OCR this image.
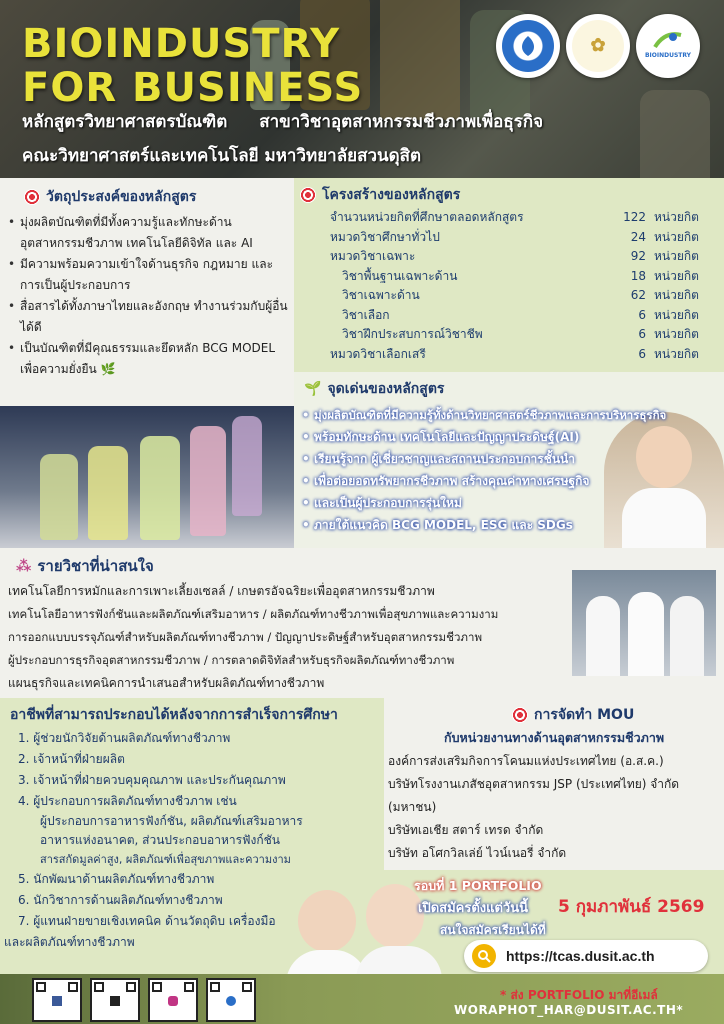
BIOINDUSTRY
FOR BUSINESS
หลักสูตรวิทยาศาสตรบัณฑิต สาขาวิชาอุตสาหกรรมชีวภาพเพื่อธุรกิจ
คณะวิทยาศาสตร์และเทคโนโลยี มหาวิทยาลัยสวนดุสิต
✿	BIOINDUSTRY
วัตถุประสงค์ของหลักสูตร
• มุ่งผลิตบัณฑิตที่มีทั้งความรู้และทักษะด้านอุตสาหกรรมชีวภาพ เทคโนโลยีดิจิทัล และ AI
• มีความพร้อมความเข้าใจด้านธุรกิจ กฎหมาย และการเป็นผู้ประกอบการ
• สื่อสารได้ทั้งภาษาไทยและอังกฤษ ทำงานร่วมกับผู้อื่นได้ดี
• เป็นบัณฑิตที่มีคุณธรรมและยึดหลัก BCG MODEL เพื่อความยั่งยืน 🌿
โครงสร้างของหลักสูตร
จำนวนหน่วยกิตที่ศึกษาตลอดหลักสูตร	122 หน่วยกิต
หมวดวิชาศึกษาทั่วไป	24 หน่วยกิต
หมวดวิชาเฉพาะ	92 หน่วยกิต
วิชาพื้นฐานเฉพาะด้าน	18 หน่วยกิต
วิชาเฉพาะด้าน	62 หน่วยกิต
วิชาเลือก	6 หน่วยกิต
วิชาฝึกประสบการณ์วิชาชีพ	6 หน่วยกิต
หมวดวิชาเลือกเสรี	6 หน่วยกิต
🌱 จุดเด่นของหลักสูตร
• มุ่งผลิตบัณฑิตที่มีความรู้ทั้งด้านวิทยาศาสตร์ชีวภาพและการบริหารธุรกิจ
• พร้อมทักษะด้าน เทคโนโลยีและปัญญาประดิษฐ์(AI)
• เรียนรู้จาก ผู้เชี่ยวชาญและสถานประกอบการชั้นนำ
• เพื่อต่อยอดทรัพยากรชีวภาพ สร้างคุณค่าทางเศรษฐกิจ
• และเป็นผู้ประกอบการรุ่นใหม่
• ภายใต้แนวคิด BCG MODEL, ESG และ SDGs
⁂ รายวิชาที่น่าสนใจ

เทคโนโลยีการหมักและการเพาะเลี้ยงเซลล์ / เกษตรอัจฉริยะเพื่ออุตสาหกรรมชีวภาพ

เทคโนโลยีอาหารฟังก์ชันและผลิตภัณฑ์เสริมอาหาร / ผลิตภัณฑ์ทางชีวภาพเพื่อสุขภาพและความงาม

การออกแบบบรรจุภัณฑ์สำหรับผลิตภัณฑ์ทางชีวภาพ / ปัญญาประดิษฐ์สำหรับอุตสาหกรรมชีวภาพ

ผู้ประกอบการธุรกิจอุตสาหกรรมชีวภาพ / การตลาดดิจิทัลสำหรับธุรกิจผลิตภัณฑ์ทางชีวภาพ

แผนธุรกิจและเทคนิคการนำเสนอสำหรับผลิตภัณฑ์ทางชีวภาพ

อาชีพที่สามารถประกอบได้หลังจากการสำเร็จการศึกษา
1. ผู้ช่วยนักวิจัยด้านผลิตภัณฑ์ทางชีวภาพ
2. เจ้าหน้าที่ฝ่ายผลิต
3. เจ้าหน้าที่ฝ่ายควบคุมคุณภาพ และประกันคุณภาพ
4. ผู้ประกอบการผลิตภัณฑ์ทางชีวภาพ เช่น
ผู้ประกอบการอาหารฟังก์ชัน, ผลิตภัณฑ์เสริมอาหาร
อาหารแห่งอนาคต, ส่วนประกอบอาหารฟังก์ชัน
สารสกัดมูลค่าสูง, ผลิตภัณฑ์เพื่อสุขภาพและความงาม
5. นักพัฒนาด้านผลิตภัณฑ์ทางชีวภาพ
6. นักวิชาการด้านผลิตภัณฑ์ทางชีวภาพ
7. ผู้แทนฝ่ายขายเชิงเทคนิค ด้านวัตถุดิบ เครื่องมือ
และผลิตภัณฑ์ทางชีวภาพ
การจัดทำ MOU
กับหน่วยงานทางด้านอุตสาหกรรมชีวภาพ

องค์การส่งเสริมกิจการโคนมแห่งประเทศไทย (อ.ส.ค.)

บริษัทโรงงานเภสัชอุตสาหกรรม JSP (ประเทศไทย) จำกัด

(มหาชน)

บริษัทเอเชีย สตาร์ เทรด จำกัด

บริษัท อโศกวิลเล่ย์ ไวน์เนอรี่ จำกัด

รอบที่ 1 PORTFOLIO
เปิดสมัครตั้งแต่วันนี้ 5 กุมภาพันธ์ 2569
สนใจสมัครเรียนได้ที่
https://tcas.dusit.ac.th
* ส่ง PORTFOLIO มาที่อีเมล์
WORAPHOT_HAR@DUSIT.AC.TH*
